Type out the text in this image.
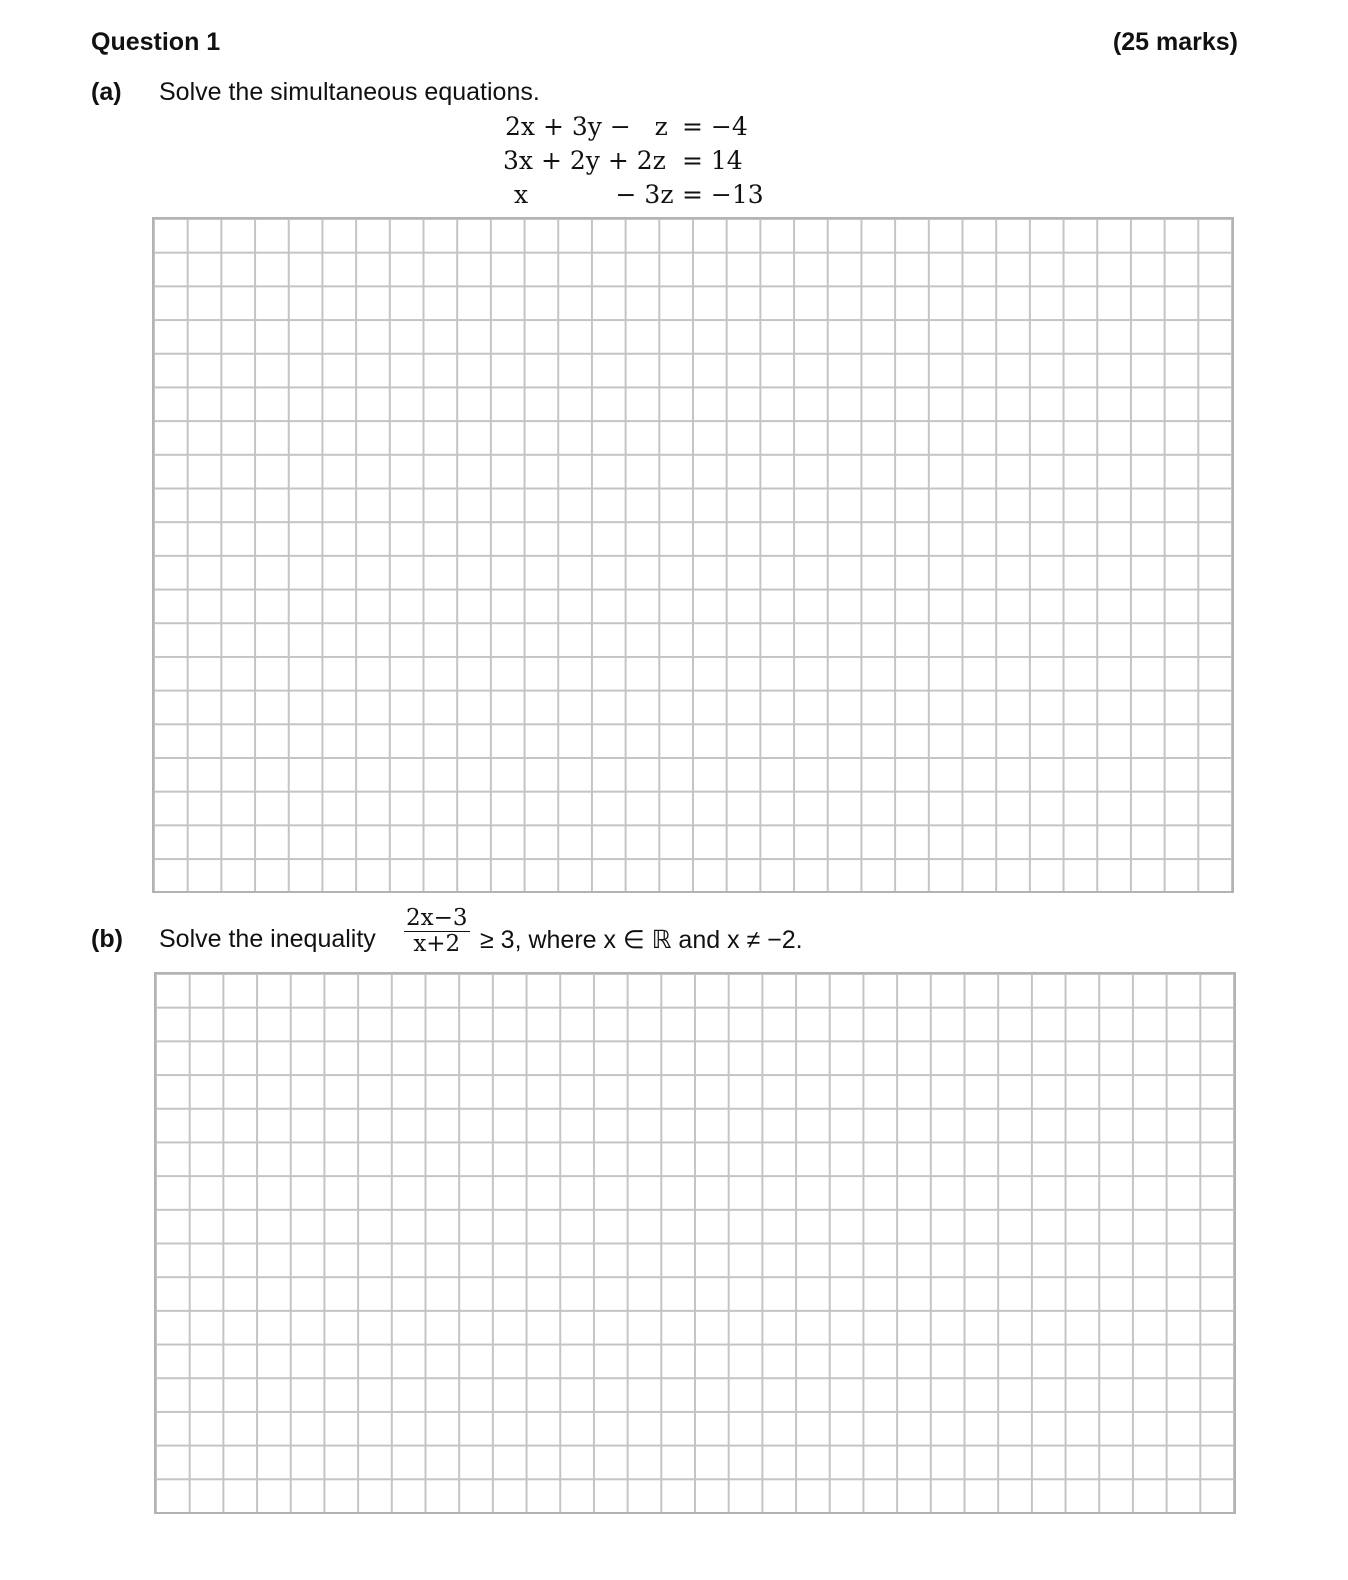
Question 1	(25 marks)
(a) Solve the simultaneous equations.
2x + 3y −   z = −4
3x + 2y + 2z = 14
x           − 3z = −13
(b) Solve the inequality $\frac{2x-3}{x+2} \ge 3$, where x ∈ ℝ and x ≠ −2.
